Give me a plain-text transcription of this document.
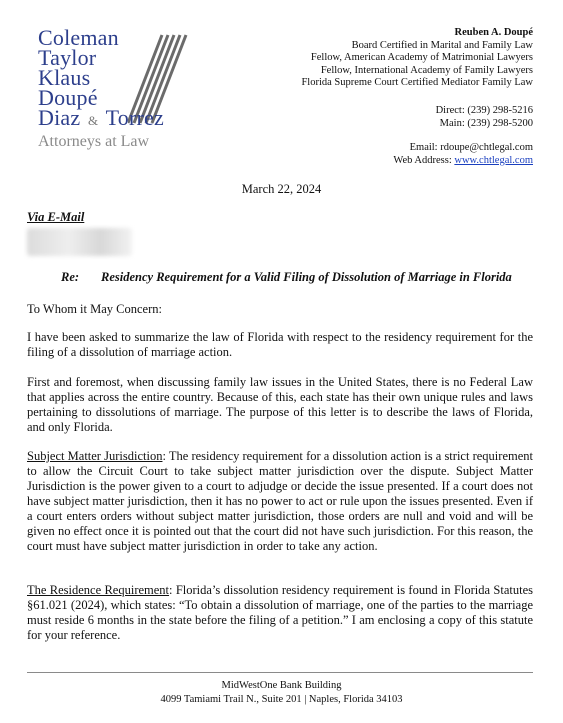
Coleman
Taylor
Klaus
Doupé
Diaz & Torrez
Attorneys at Law
Reuben A. Doupé
Board Certified in Marital and Family Law
Fellow, American Academy of Matrimonial Lawyers
Fellow, International Academy of Family Lawyers
Florida Supreme Court Certified Mediator Family Law
Direct: (239) 298-5216
Main: (239) 298-5200
Email: rdoupe@chtlegal.com
Web Address: www.chtlegal.com
March 22, 2024
Via E-Mail
Re: Residency Requirement for a Valid Filing of Dissolution of Marriage in Florida
To Whom it May Concern:
I have been asked to summarize the law of Florida with respect to the residency requirement for the filing of a dissolution of marriage action.
First and foremost, when discussing family law issues in the United States, there is no Federal Law that applies across the entire country. Because of this, each state has their own unique rules and laws pertaining to dissolutions of marriage. The purpose of this letter is to describe the laws of Florida, and only Florida.
Subject Matter Jurisdiction: The residency requirement for a dissolution action is a strict requirement to allow the Circuit Court to take subject matter jurisdiction over the dispute. Subject Matter Jurisdiction is the power given to a court to adjudge or decide the issue presented. If a court does not have subject matter jurisdiction, then it has no power to act or rule upon the issues presented. Even if a court enters orders without subject matter jurisdiction, those orders are null and void and will be given no effect once it is pointed out that the court did not have such jurisdiction. For this reason, the court must have subject matter jurisdiction in order to take any action.
The Residence Requirement: Florida’s dissolution residency requirement is found in Florida Statutes §61.021 (2024), which states: “To obtain a dissolution of marriage, one of the parties to the marriage must reside 6 months in the state before the filing of a petition.” I am enclosing a copy of this statute for your reference.
MidWestOne Bank Building
4099 Tamiami Trail N., Suite 201 | Naples, Florida 34103
